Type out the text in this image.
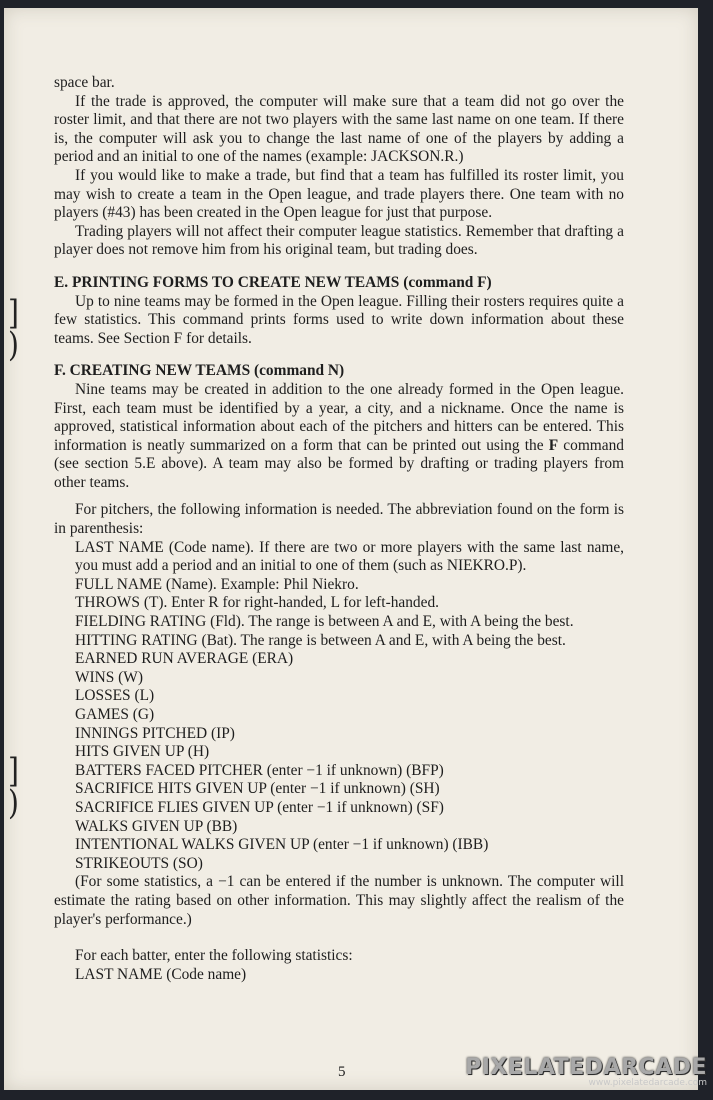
space bar.

If the trade is approved, the computer will make sure that a team did not go over the roster limit, and that there are not two players with the same last name on one team. If there is, the computer will ask you to change the last name of one of the players by adding a period and an initial to one of the names (example: JACKSON.R.)

If you would like to make a trade, but find that a team has fulfilled its roster limit, you may wish to create a team in the Open league, and trade players there. One team with no players (#43) has been created in the Open league for just that purpose.

Trading players will not affect their computer league statistics. Remember that drafting a player does not remove him from his original team, but trading does.

E. PRINTING FORMS TO CREATE NEW TEAMS (command F)

Up to nine teams may be formed in the Open league. Filling their rosters requires quite a few statistics. This command prints forms used to write down information about these teams. See Section F for details.

F. CREATING NEW TEAMS (command N)

Nine teams may be created in addition to the one already formed in the Open league. First, each team must be identified by a year, a city, and a nickname. Once the name is approved, statistical information about each of the pitchers and hitters can be entered. This information is neatly summarized on a form that can be printed out using the F command (see section 5.E above). A team may also be formed by drafting or trading players from other teams.

For pitchers, the following information is needed. The abbreviation found on the form is in parenthesis:

LAST NAME (Code name). If there are two or more players with the same last name, you must add a period and an initial to one of them (such as NIEKRO.P).

FULL NAME (Name). Example: Phil Niekro.

THROWS (T). Enter R for right-handed, L for left-handed.

FIELDING RATING (Fld). The range is between A and E, with A being the best.

HITTING RATING (Bat). The range is between A and E, with A being the best.

EARNED RUN AVERAGE (ERA)

WINS (W)

LOSSES (L)

GAMES (G)

INNINGS PITCHED (IP)

HITS GIVEN UP (H)

BATTERS FACED PITCHER (enter −1 if unknown) (BFP)

SACRIFICE HITS GIVEN UP (enter −1 if unknown) (SH)

SACRIFICE FLIES GIVEN UP (enter −1 if unknown) (SF)

WALKS GIVEN UP (BB)

INTENTIONAL WALKS GIVEN UP (enter −1 if unknown) (IBB)

STRIKEOUTS (SO)

(For some statistics, a −1 can be entered if the number is unknown. The computer will estimate the rating based on other information. This may slightly affect the realism of the player's performance.)

For each batter, enter the following statistics:

LAST NAME (Code name)

5
]
)
]
)
PIXELATEDARCADE
www.pixelatedarcade.com
